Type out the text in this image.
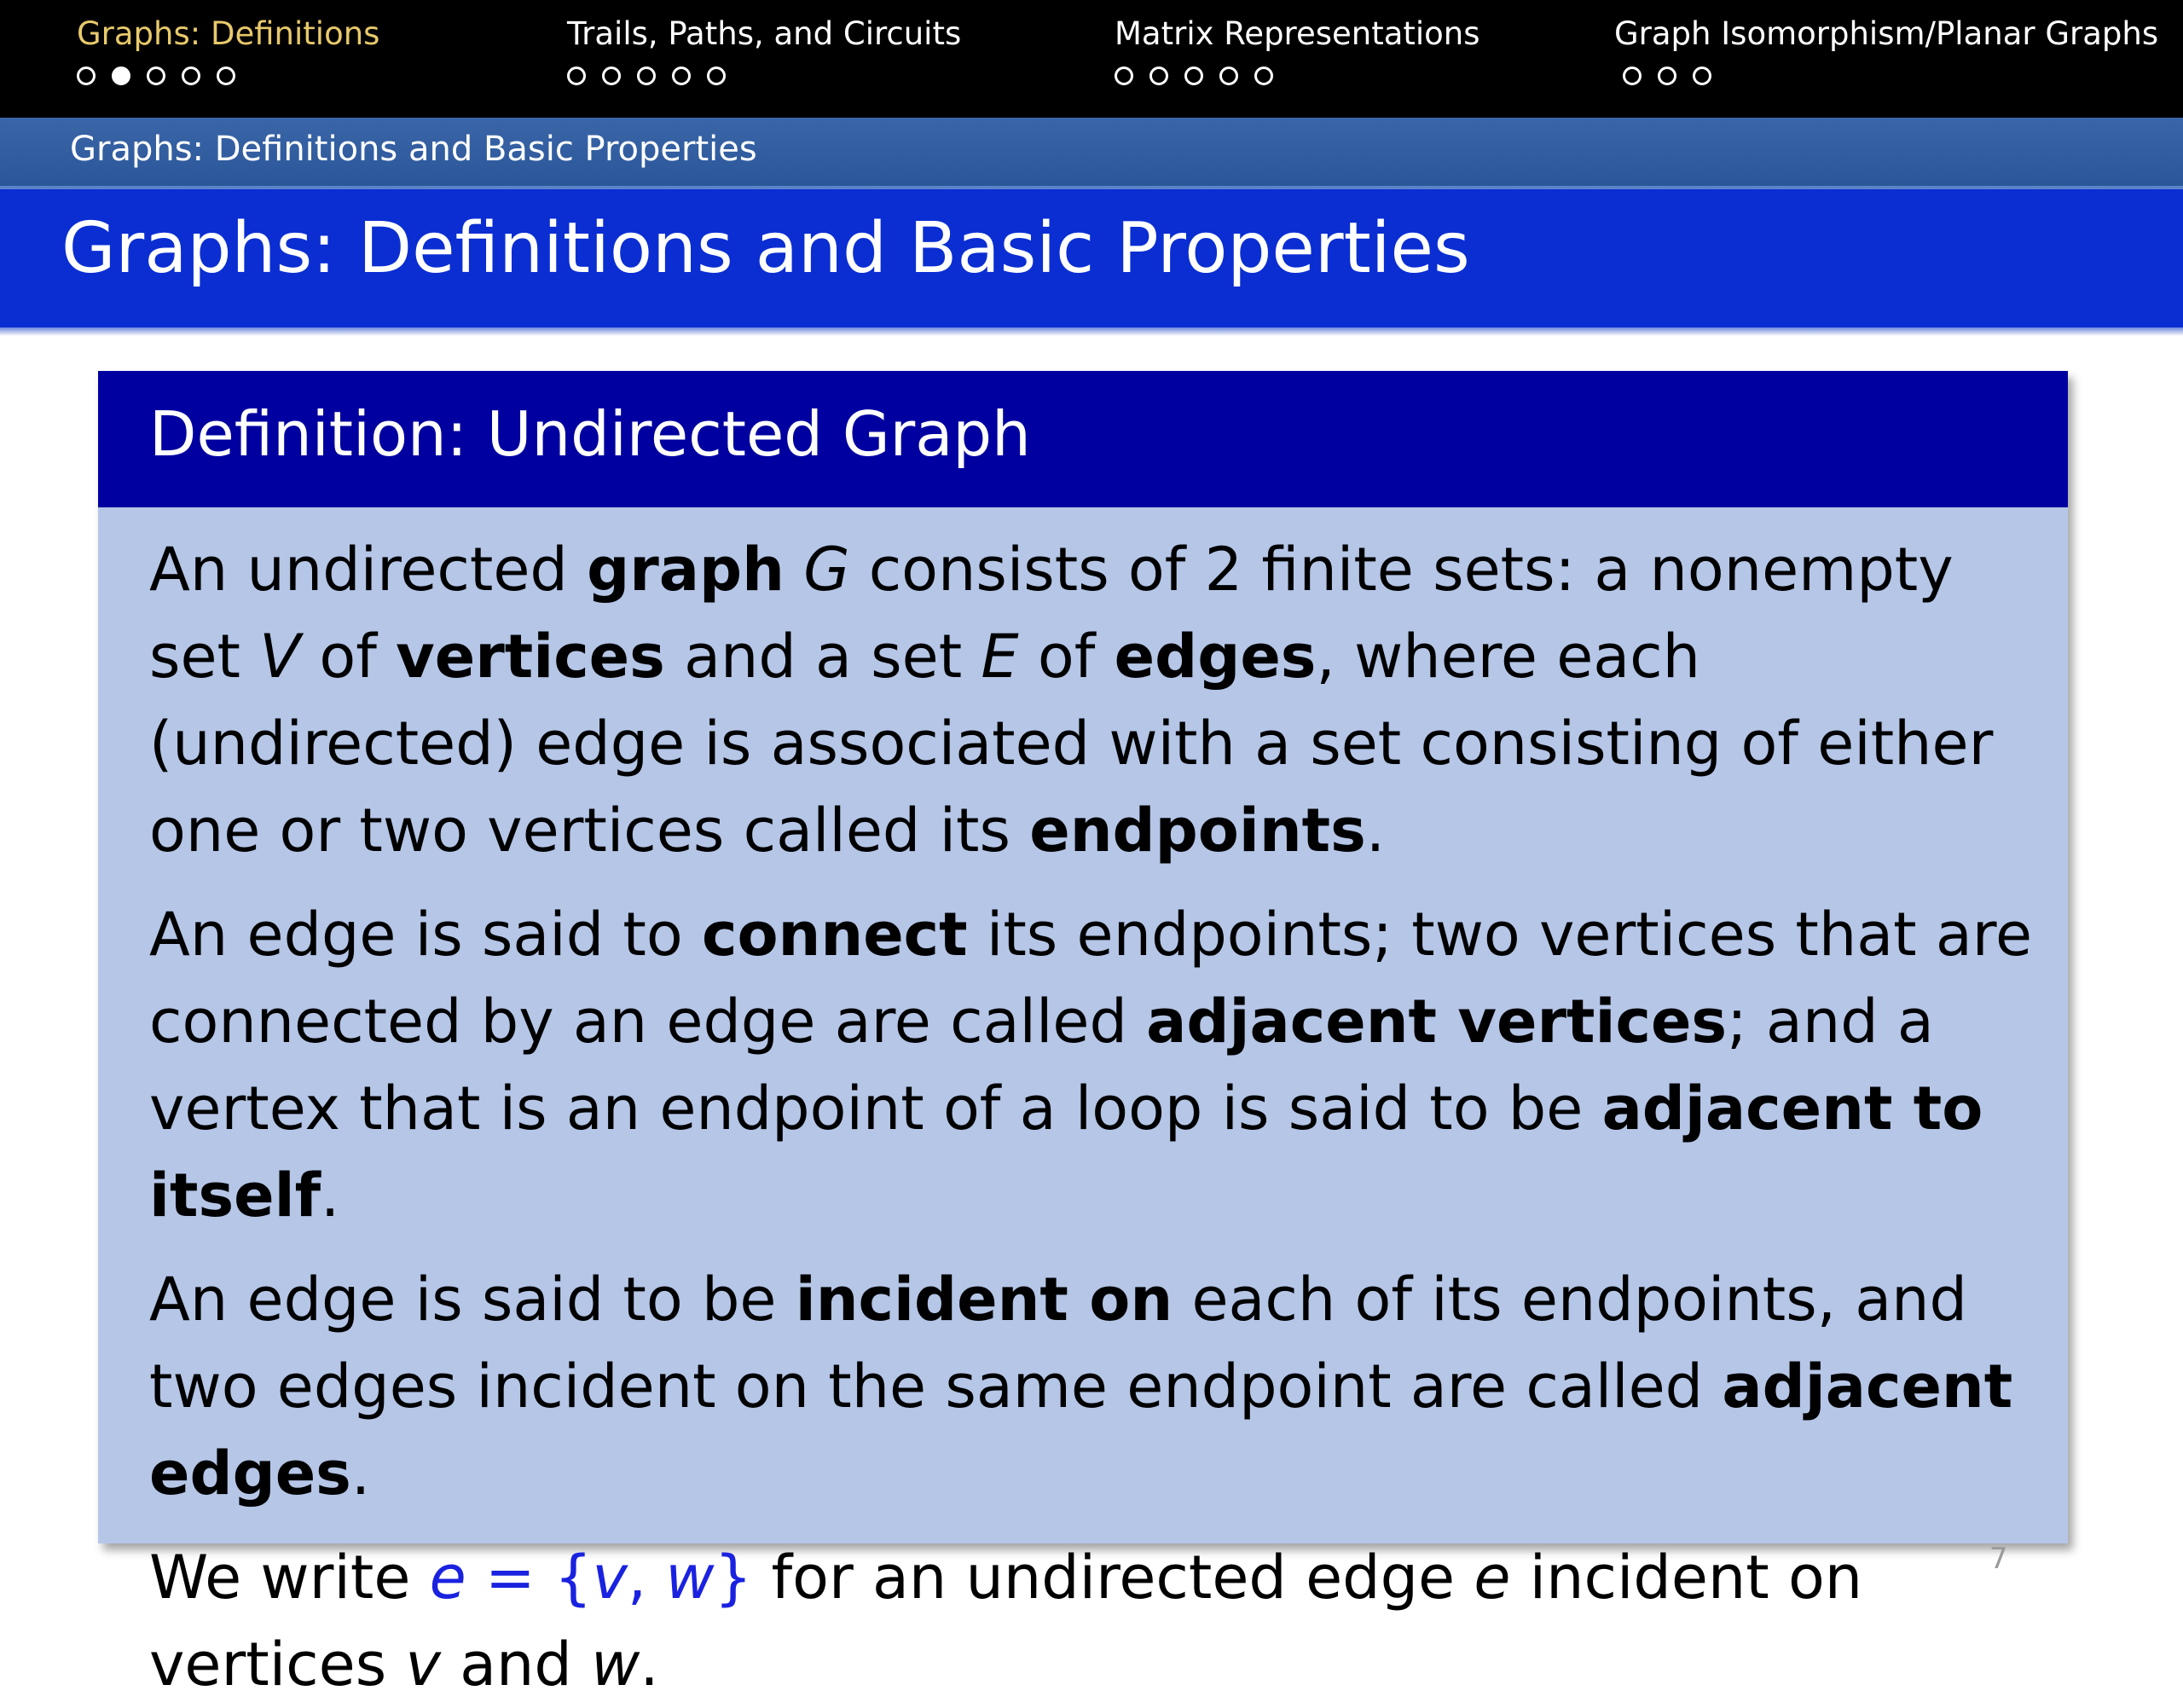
Graphs: Definitions	Trails, Paths, and Circuits	Matrix Representations	Graph Isomorphism/Planar Graphs
Graphs: Definitions and Basic Properties
Graphs: Definitions and Basic Properties
Definition: Undirected Graph

An undirected graph G consists of 2 finite sets: a nonempty set V of vertices and a set E of edges, where each (undirected) edge is associated with a set consisting of either one or two vertices called its endpoints.

An edge is said to connect its endpoints; two vertices that are connected by an edge are called adjacent vertices; and a vertex that is an endpoint of a loop is said to be adjacent to itself.

An edge is said to be incident on each of its endpoints, and two edges incident on the same endpoint are called adjacent edges.

We write e = {v, w} for an undirected edge e incident on vertices v and w.

7
